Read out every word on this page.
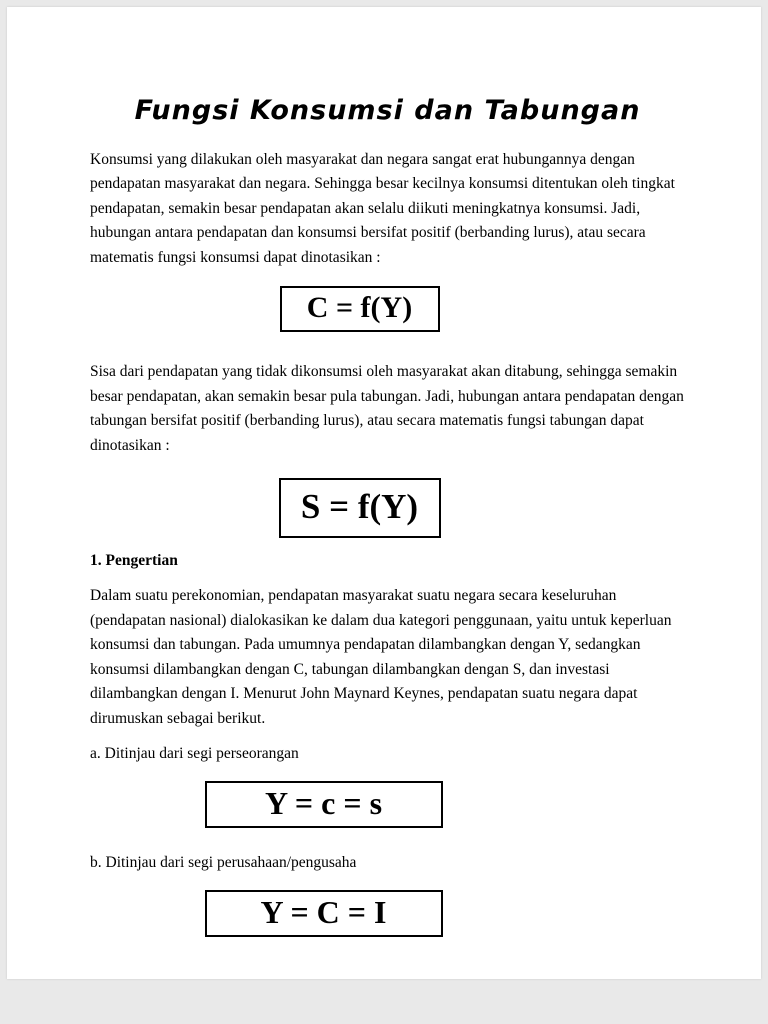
Fungsi Konsumsi dan Tabungan

Konsumsi yang dilakukan oleh masyarakat dan negara sangat erat hubungannya dengan pendapatan masyarakat dan negara. Sehingga besar kecilnya konsumsi ditentukan oleh tingkat pendapatan, semakin besar pendapatan akan selalu diikuti meningkatnya konsumsi. Jadi, hubungan antara pendapatan dan konsumsi bersifat positif (berbanding lurus), atau secara matematis fungsi konsumsi dapat dinotasikan :

C = f(Y)

Sisa dari pendapatan yang tidak dikonsumsi oleh masyarakat akan ditabung, sehingga semakin besar pendapatan, akan semakin besar pula tabungan. Jadi, hubungan antara pendapatan dengan tabungan bersifat positif (berbanding lurus), atau secara matematis fungsi tabungan dapat dinotasikan :

S = f(Y)
1. Pengertian

Dalam suatu perekonomian, pendapatan masyarakat suatu negara secara keseluruhan (pendapatan nasional) dialokasikan ke dalam dua kategori penggunaan, yaitu untuk keperluan konsumsi dan tabungan. Pada umumnya pendapatan dilambangkan dengan Y, sedangkan konsumsi dilambangkan dengan C, tabungan dilambangkan dengan S, dan investasi dilambangkan dengan I. Menurut John Maynard Keynes, pendapatan suatu negara dapat dirumuskan sebagai berikut.

a. Ditinjau dari segi perseorangan

Y = c = s

b. Ditinjau dari segi perusahaan/pengusaha

Y = C = I
